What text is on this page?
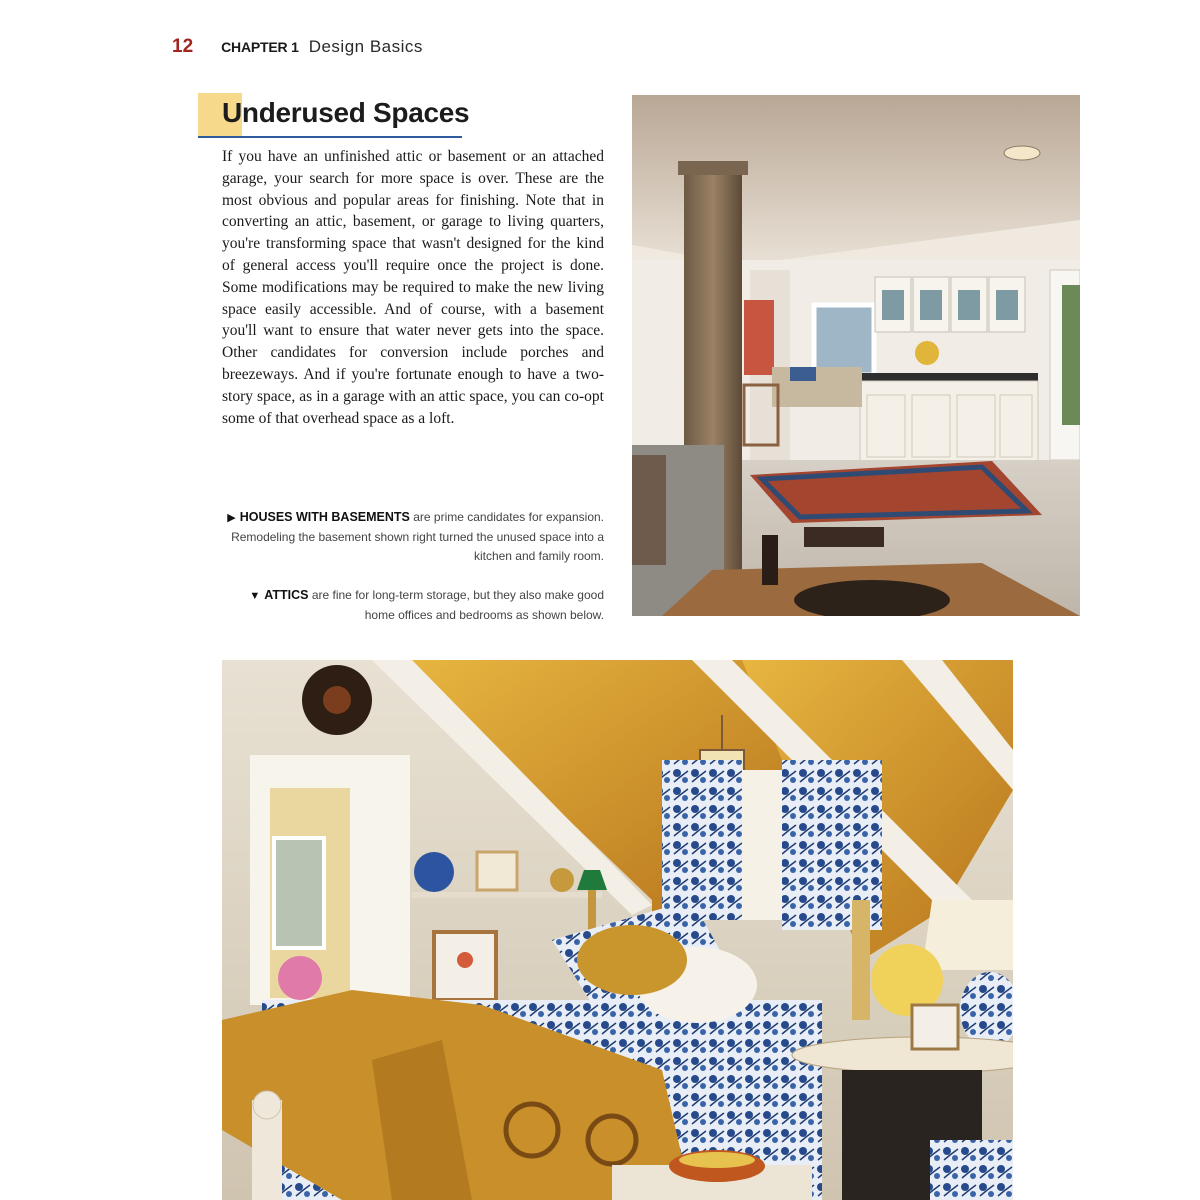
12 CHAPTER 1 Design Basics
Underused Spaces

If you have an unfinished attic or basement or an attached garage, your search for more space is over. These are the most obvious and popular areas for finishing. Note that in converting an attic, basement, or garage to living quarters, you're transforming space that wasn't designed for the kind of general access you'll require once the project is done. Some modifications may be required to make the new living space easily accessible. And of course, with a basement you'll want to ensure that water never gets into the space. Other candidates for conversion include porches and breezeways. And if you're fortunate enough to have a two-story space, as in a garage with an attic space, you can co-opt some of that overhead space as a loft.

▶ HOUSES WITH BASEMENTS are prime candidates for expansion. Remodeling the basement shown right turned the unused space into a kitchen and family room.

▼ ATTICS are fine for long-term storage, but they also make good home offices and bedrooms as shown below.
